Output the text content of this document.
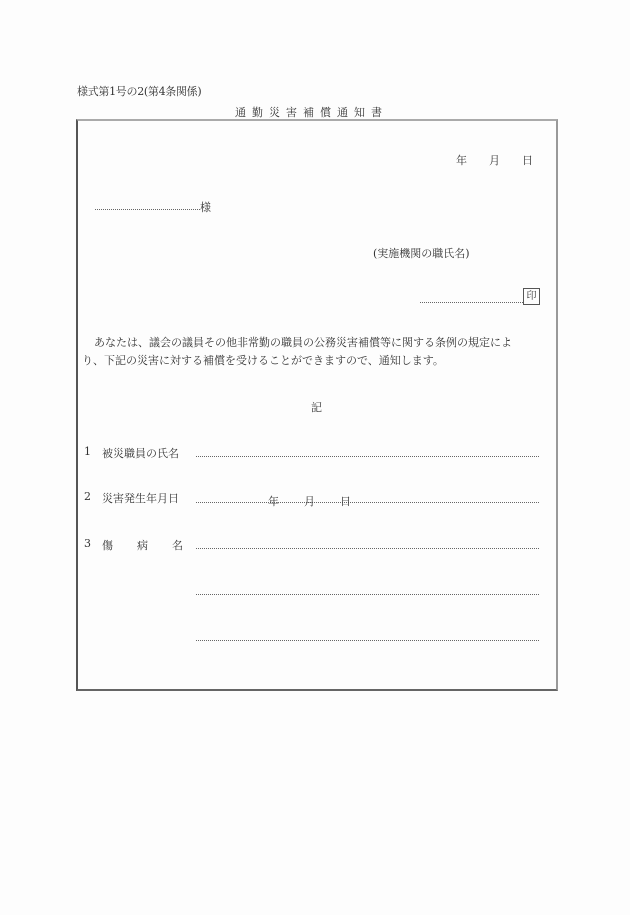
様式第1号の2(第4条関係)
通勤災害補償通知書
年 月 日
様
(実施機関の職氏名)
印

あなたは、議会の議員その他非常勤の職員の公務災害補償等に関する条例の規定によ

り、下記の災害に対する補償を受けることができますので、通知します。

記
1 被災職員の氏名
2 災害発生年月日	年 月 日
3 傷 病 名
